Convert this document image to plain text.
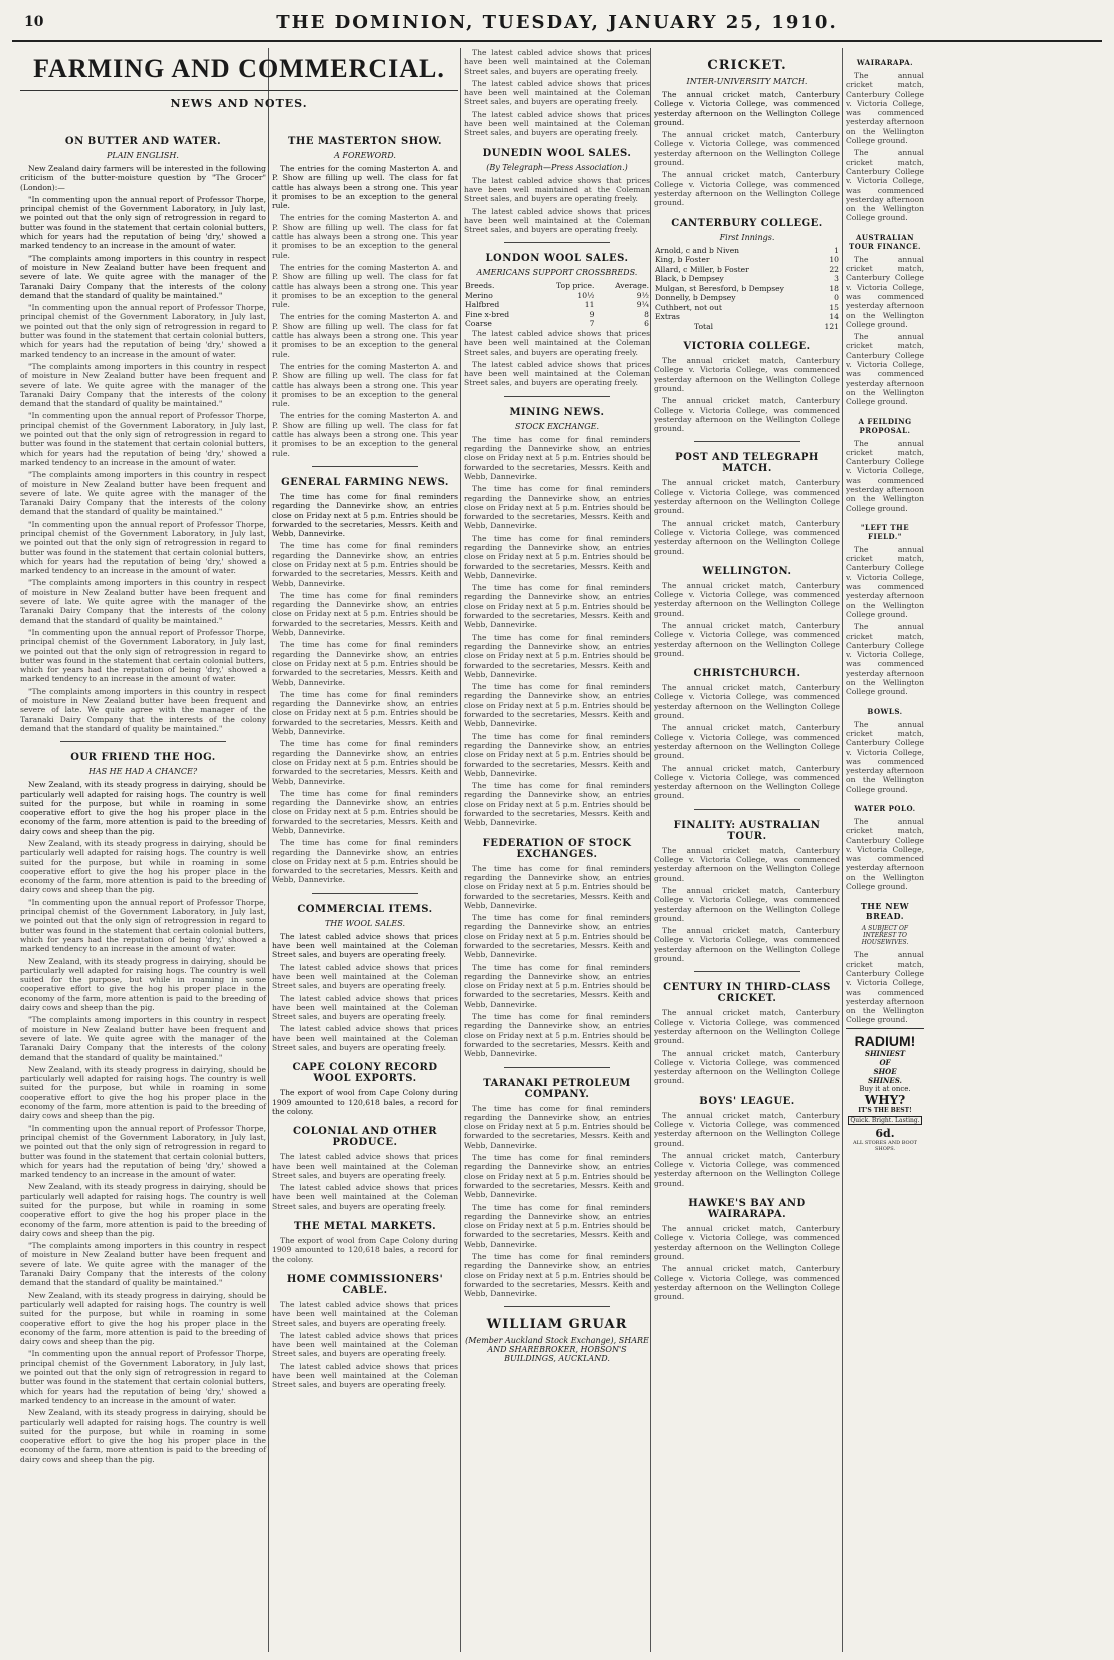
10	THE DOMINION, TUESDAY, JANUARY 25, 1910.
FARMING AND COMMERCIAL.
NEWS AND NOTES.
ON BUTTER AND WATER.
PLAIN ENGLISH.

New Zealand dairy farmers will be interested in the following criticism of the butter-moisture question by "The Grocer" (London):—

"In commenting upon the annual report of Professor Thorpe, principal chemist of the Government Laboratory, in July last, we pointed out that the only sign of retrogression in regard to butter was found in the statement that certain colonial butters, which for years had the reputation of being 'dry,' showed a marked tendency to an increase in the amount of water.

"The complaints among importers in this country in respect of moisture in New Zealand butter have been frequent and severe of late. We quite agree with the manager of the Taranaki Dairy Company that the interests of the colony demand that the standard of quality be maintained."

"In commenting upon the annual report of Professor Thorpe, principal chemist of the Government Laboratory, in July last, we pointed out that the only sign of retrogression in regard to butter was found in the statement that certain colonial butters, which for years had the reputation of being 'dry,' showed a marked tendency to an increase in the amount of water.

"The complaints among importers in this country in respect of moisture in New Zealand butter have been frequent and severe of late. We quite agree with the manager of the Taranaki Dairy Company that the interests of the colony demand that the standard of quality be maintained."

"In commenting upon the annual report of Professor Thorpe, principal chemist of the Government Laboratory, in July last, we pointed out that the only sign of retrogression in regard to butter was found in the statement that certain colonial butters, which for years had the reputation of being 'dry,' showed a marked tendency to an increase in the amount of water.

"The complaints among importers in this country in respect of moisture in New Zealand butter have been frequent and severe of late. We quite agree with the manager of the Taranaki Dairy Company that the interests of the colony demand that the standard of quality be maintained."

"In commenting upon the annual report of Professor Thorpe, principal chemist of the Government Laboratory, in July last, we pointed out that the only sign of retrogression in regard to butter was found in the statement that certain colonial butters, which for years had the reputation of being 'dry,' showed a marked tendency to an increase in the amount of water.

"The complaints among importers in this country in respect of moisture in New Zealand butter have been frequent and severe of late. We quite agree with the manager of the Taranaki Dairy Company that the interests of the colony demand that the standard of quality be maintained."

"In commenting upon the annual report of Professor Thorpe, principal chemist of the Government Laboratory, in July last, we pointed out that the only sign of retrogression in regard to butter was found in the statement that certain colonial butters, which for years had the reputation of being 'dry,' showed a marked tendency to an increase in the amount of water.

"The complaints among importers in this country in respect of moisture in New Zealand butter have been frequent and severe of late. We quite agree with the manager of the Taranaki Dairy Company that the interests of the colony demand that the standard of quality be maintained."

OUR FRIEND THE HOG.
HAS HE HAD A CHANCE?

New Zealand, with its steady progress in dairying, should be particularly well adapted for raising hogs. The country is well suited for the purpose, but while in roaming in some cooperative effort to give the hog his proper place in the economy of the farm, more attention is paid to the breeding of dairy cows and sheep than the pig.

New Zealand, with its steady progress in dairying, should be particularly well adapted for raising hogs. The country is well suited for the purpose, but while in roaming in some cooperative effort to give the hog his proper place in the economy of the farm, more attention is paid to the breeding of dairy cows and sheep than the pig.

"In commenting upon the annual report of Professor Thorpe, principal chemist of the Government Laboratory, in July last, we pointed out that the only sign of retrogression in regard to butter was found in the statement that certain colonial butters, which for years had the reputation of being 'dry,' showed a marked tendency to an increase in the amount of water.

New Zealand, with its steady progress in dairying, should be particularly well adapted for raising hogs. The country is well suited for the purpose, but while in roaming in some cooperative effort to give the hog his proper place in the economy of the farm, more attention is paid to the breeding of dairy cows and sheep than the pig.

"The complaints among importers in this country in respect of moisture in New Zealand butter have been frequent and severe of late. We quite agree with the manager of the Taranaki Dairy Company that the interests of the colony demand that the standard of quality be maintained."

New Zealand, with its steady progress in dairying, should be particularly well adapted for raising hogs. The country is well suited for the purpose, but while in roaming in some cooperative effort to give the hog his proper place in the economy of the farm, more attention is paid to the breeding of dairy cows and sheep than the pig.

"In commenting upon the annual report of Professor Thorpe, principal chemist of the Government Laboratory, in July last, we pointed out that the only sign of retrogression in regard to butter was found in the statement that certain colonial butters, which for years had the reputation of being 'dry,' showed a marked tendency to an increase in the amount of water.

New Zealand, with its steady progress in dairying, should be particularly well adapted for raising hogs. The country is well suited for the purpose, but while in roaming in some cooperative effort to give the hog his proper place in the economy of the farm, more attention is paid to the breeding of dairy cows and sheep than the pig.

"The complaints among importers in this country in respect of moisture in New Zealand butter have been frequent and severe of late. We quite agree with the manager of the Taranaki Dairy Company that the interests of the colony demand that the standard of quality be maintained."

New Zealand, with its steady progress in dairying, should be particularly well adapted for raising hogs. The country is well suited for the purpose, but while in roaming in some cooperative effort to give the hog his proper place in the economy of the farm, more attention is paid to the breeding of dairy cows and sheep than the pig.

"In commenting upon the annual report of Professor Thorpe, principal chemist of the Government Laboratory, in July last, we pointed out that the only sign of retrogression in regard to butter was found in the statement that certain colonial butters, which for years had the reputation of being 'dry,' showed a marked tendency to an increase in the amount of water.

New Zealand, with its steady progress in dairying, should be particularly well adapted for raising hogs. The country is well suited for the purpose, but while in roaming in some cooperative effort to give the hog his proper place in the economy of the farm, more attention is paid to the breeding of dairy cows and sheep than the pig.

THE MASTERTON SHOW.
A FOREWORD.

The entries for the coming Masterton A. and P. Show are filling up well. The class for fat cattle has always been a strong one. This year it promises to be an exception to the general rule.

The entries for the coming Masterton A. and P. Show are filling up well. The class for fat cattle has always been a strong one. This year it promises to be an exception to the general rule.

The entries for the coming Masterton A. and P. Show are filling up well. The class for fat cattle has always been a strong one. This year it promises to be an exception to the general rule.

The entries for the coming Masterton A. and P. Show are filling up well. The class for fat cattle has always been a strong one. This year it promises to be an exception to the general rule.

The entries for the coming Masterton A. and P. Show are filling up well. The class for fat cattle has always been a strong one. This year it promises to be an exception to the general rule.

The entries for the coming Masterton A. and P. Show are filling up well. The class for fat cattle has always been a strong one. This year it promises to be an exception to the general rule.

GENERAL FARMING NEWS.

The time has come for final reminders regarding the Dannevirke show, an entries close on Friday next at 5 p.m. Entries should be forwarded to the secretaries, Messrs. Keith and Webb, Dannevirke.

The time has come for final reminders regarding the Dannevirke show, an entries close on Friday next at 5 p.m. Entries should be forwarded to the secretaries, Messrs. Keith and Webb, Dannevirke.

The time has come for final reminders regarding the Dannevirke show, an entries close on Friday next at 5 p.m. Entries should be forwarded to the secretaries, Messrs. Keith and Webb, Dannevirke.

The time has come for final reminders regarding the Dannevirke show, an entries close on Friday next at 5 p.m. Entries should be forwarded to the secretaries, Messrs. Keith and Webb, Dannevirke.

The time has come for final reminders regarding the Dannevirke show, an entries close on Friday next at 5 p.m. Entries should be forwarded to the secretaries, Messrs. Keith and Webb, Dannevirke.

The time has come for final reminders regarding the Dannevirke show, an entries close on Friday next at 5 p.m. Entries should be forwarded to the secretaries, Messrs. Keith and Webb, Dannevirke.

The time has come for final reminders regarding the Dannevirke show, an entries close on Friday next at 5 p.m. Entries should be forwarded to the secretaries, Messrs. Keith and Webb, Dannevirke.

The time has come for final reminders regarding the Dannevirke show, an entries close on Friday next at 5 p.m. Entries should be forwarded to the secretaries, Messrs. Keith and Webb, Dannevirke.

COMMERCIAL ITEMS.
THE WOOL SALES.

The latest cabled advice shows that prices have been well maintained at the Coleman Street sales, and buyers are operating freely.

The latest cabled advice shows that prices have been well maintained at the Coleman Street sales, and buyers are operating freely.

The latest cabled advice shows that prices have been well maintained at the Coleman Street sales, and buyers are operating freely.

The latest cabled advice shows that prices have been well maintained at the Coleman Street sales, and buyers are operating freely.

CAPE COLONY RECORD WOOL EXPORTS.

The export of wool from Cape Colony during 1909 amounted to 120,618 bales, a record for the colony.

COLONIAL AND OTHER PRODUCE.

The latest cabled advice shows that prices have been well maintained at the Coleman Street sales, and buyers are operating freely.

The latest cabled advice shows that prices have been well maintained at the Coleman Street sales, and buyers are operating freely.

THE METAL MARKETS.

The export of wool from Cape Colony during 1909 amounted to 120,618 bales, a record for the colony.

HOME COMMISSIONERS' CABLE.

The latest cabled advice shows that prices have been well maintained at the Coleman Street sales, and buyers are operating freely.

The latest cabled advice shows that prices have been well maintained at the Coleman Street sales, and buyers are operating freely.

The latest cabled advice shows that prices have been well maintained at the Coleman Street sales, and buyers are operating freely.

The latest cabled advice shows that prices have been well maintained at the Coleman Street sales, and buyers are operating freely.

The latest cabled advice shows that prices have been well maintained at the Coleman Street sales, and buyers are operating freely.

The latest cabled advice shows that prices have been well maintained at the Coleman Street sales, and buyers are operating freely.

DUNEDIN WOOL SALES.
(By Telegraph—Press Association.)

The latest cabled advice shows that prices have been well maintained at the Coleman Street sales, and buyers are operating freely.

The latest cabled advice shows that prices have been well maintained at the Coleman Street sales, and buyers are operating freely.

LONDON WOOL SALES.
AMERICANS SUPPORT CROSSBREDS.
Breeds.	Top price.	Average.
Merino	10½	9½
Halfbred	11	9¼
Fine x-bred	9	8
Coarse	7	6

The latest cabled advice shows that prices have been well maintained at the Coleman Street sales, and buyers are operating freely.

The latest cabled advice shows that prices have been well maintained at the Coleman Street sales, and buyers are operating freely.

MINING NEWS.
STOCK EXCHANGE.

The time has come for final reminders regarding the Dannevirke show, an entries close on Friday next at 5 p.m. Entries should be forwarded to the secretaries, Messrs. Keith and Webb, Dannevirke.

The time has come for final reminders regarding the Dannevirke show, an entries close on Friday next at 5 p.m. Entries should be forwarded to the secretaries, Messrs. Keith and Webb, Dannevirke.

The time has come for final reminders regarding the Dannevirke show, an entries close on Friday next at 5 p.m. Entries should be forwarded to the secretaries, Messrs. Keith and Webb, Dannevirke.

The time has come for final reminders regarding the Dannevirke show, an entries close on Friday next at 5 p.m. Entries should be forwarded to the secretaries, Messrs. Keith and Webb, Dannevirke.

The time has come for final reminders regarding the Dannevirke show, an entries close on Friday next at 5 p.m. Entries should be forwarded to the secretaries, Messrs. Keith and Webb, Dannevirke.

The time has come for final reminders regarding the Dannevirke show, an entries close on Friday next at 5 p.m. Entries should be forwarded to the secretaries, Messrs. Keith and Webb, Dannevirke.

The time has come for final reminders regarding the Dannevirke show, an entries close on Friday next at 5 p.m. Entries should be forwarded to the secretaries, Messrs. Keith and Webb, Dannevirke.

The time has come for final reminders regarding the Dannevirke show, an entries close on Friday next at 5 p.m. Entries should be forwarded to the secretaries, Messrs. Keith and Webb, Dannevirke.

FEDERATION OF STOCK EXCHANGES.

The time has come for final reminders regarding the Dannevirke show, an entries close on Friday next at 5 p.m. Entries should be forwarded to the secretaries, Messrs. Keith and Webb, Dannevirke.

The time has come for final reminders regarding the Dannevirke show, an entries close on Friday next at 5 p.m. Entries should be forwarded to the secretaries, Messrs. Keith and Webb, Dannevirke.

The time has come for final reminders regarding the Dannevirke show, an entries close on Friday next at 5 p.m. Entries should be forwarded to the secretaries, Messrs. Keith and Webb, Dannevirke.

The time has come for final reminders regarding the Dannevirke show, an entries close on Friday next at 5 p.m. Entries should be forwarded to the secretaries, Messrs. Keith and Webb, Dannevirke.

TARANAKI PETROLEUM COMPANY.

The time has come for final reminders regarding the Dannevirke show, an entries close on Friday next at 5 p.m. Entries should be forwarded to the secretaries, Messrs. Keith and Webb, Dannevirke.

The time has come for final reminders regarding the Dannevirke show, an entries close on Friday next at 5 p.m. Entries should be forwarded to the secretaries, Messrs. Keith and Webb, Dannevirke.

The time has come for final reminders regarding the Dannevirke show, an entries close on Friday next at 5 p.m. Entries should be forwarded to the secretaries, Messrs. Keith and Webb, Dannevirke.

The time has come for final reminders regarding the Dannevirke show, an entries close on Friday next at 5 p.m. Entries should be forwarded to the secretaries, Messrs. Keith and Webb, Dannevirke.

WILLIAM GRUAR
(Member Auckland Stock Exchange), SHARE AND SHAREBROKER, HOBSON'S BUILDINGS, AUCKLAND.
CRICKET.
INTER-UNIVERSITY MATCH.

The annual cricket match, Canterbury College v. Victoria College, was commenced yesterday afternoon on the Wellington College ground.

The annual cricket match, Canterbury College v. Victoria College, was commenced yesterday afternoon on the Wellington College ground.

The annual cricket match, Canterbury College v. Victoria College, was commenced yesterday afternoon on the Wellington College ground.

CANTERBURY COLLEGE.
First Innings.
Arnold, c and b Niven	1
King, b Foster	10
Allard, c Miller, b Foster	22
Black, b Dempsey	3
Mulgan, st Beresford, b Dempsey	18
Donnelly, b Dempsey	0
Cuthbert, not out	15
Extras	14
Total	121
VICTORIA COLLEGE.

The annual cricket match, Canterbury College v. Victoria College, was commenced yesterday afternoon on the Wellington College ground.

The annual cricket match, Canterbury College v. Victoria College, was commenced yesterday afternoon on the Wellington College ground.

POST AND TELEGRAPH MATCH.

The annual cricket match, Canterbury College v. Victoria College, was commenced yesterday afternoon on the Wellington College ground.

The annual cricket match, Canterbury College v. Victoria College, was commenced yesterday afternoon on the Wellington College ground.

WELLINGTON.

The annual cricket match, Canterbury College v. Victoria College, was commenced yesterday afternoon on the Wellington College ground.

The annual cricket match, Canterbury College v. Victoria College, was commenced yesterday afternoon on the Wellington College ground.

CHRISTCHURCH.

The annual cricket match, Canterbury College v. Victoria College, was commenced yesterday afternoon on the Wellington College ground.

The annual cricket match, Canterbury College v. Victoria College, was commenced yesterday afternoon on the Wellington College ground.

The annual cricket match, Canterbury College v. Victoria College, was commenced yesterday afternoon on the Wellington College ground.

FINALITY: AUSTRALIAN TOUR.

The annual cricket match, Canterbury College v. Victoria College, was commenced yesterday afternoon on the Wellington College ground.

The annual cricket match, Canterbury College v. Victoria College, was commenced yesterday afternoon on the Wellington College ground.

The annual cricket match, Canterbury College v. Victoria College, was commenced yesterday afternoon on the Wellington College ground.

CENTURY IN THIRD-CLASS CRICKET.

The annual cricket match, Canterbury College v. Victoria College, was commenced yesterday afternoon on the Wellington College ground.

The annual cricket match, Canterbury College v. Victoria College, was commenced yesterday afternoon on the Wellington College ground.

BOYS' LEAGUE.

The annual cricket match, Canterbury College v. Victoria College, was commenced yesterday afternoon on the Wellington College ground.

The annual cricket match, Canterbury College v. Victoria College, was commenced yesterday afternoon on the Wellington College ground.

HAWKE'S BAY AND WAIRARAPA.

The annual cricket match, Canterbury College v. Victoria College, was commenced yesterday afternoon on the Wellington College ground.

The annual cricket match, Canterbury College v. Victoria College, was commenced yesterday afternoon on the Wellington College ground.

WAIRARAPA.

The annual cricket match, Canterbury College v. Victoria College, was commenced yesterday afternoon on the Wellington College ground.

The annual cricket match, Canterbury College v. Victoria College, was commenced yesterday afternoon on the Wellington College ground.

AUSTRALIAN TOUR FINANCE.

The annual cricket match, Canterbury College v. Victoria College, was commenced yesterday afternoon on the Wellington College ground.

The annual cricket match, Canterbury College v. Victoria College, was commenced yesterday afternoon on the Wellington College ground.

A FEILDING PROPOSAL.

The annual cricket match, Canterbury College v. Victoria College, was commenced yesterday afternoon on the Wellington College ground.

"LEFT THE FIELD."

The annual cricket match, Canterbury College v. Victoria College, was commenced yesterday afternoon on the Wellington College ground.

The annual cricket match, Canterbury College v. Victoria College, was commenced yesterday afternoon on the Wellington College ground.

BOWLS.

The annual cricket match, Canterbury College v. Victoria College, was commenced yesterday afternoon on the Wellington College ground.

WATER POLO.

The annual cricket match, Canterbury College v. Victoria College, was commenced yesterday afternoon on the Wellington College ground.

THE NEW BREAD.
A SUBJECT OF INTEREST TO HOUSEWIVES.

The annual cricket match, Canterbury College v. Victoria College, was commenced yesterday afternoon on the Wellington College ground.

RADIUM!
SHINIEST
OF
SHOE
SHINES.
Buy it at once.
WHY?
IT'S THE BEST!
Quick. Bright. Lasting.
6d.
ALL STORES AND BOOT SHOPS.
